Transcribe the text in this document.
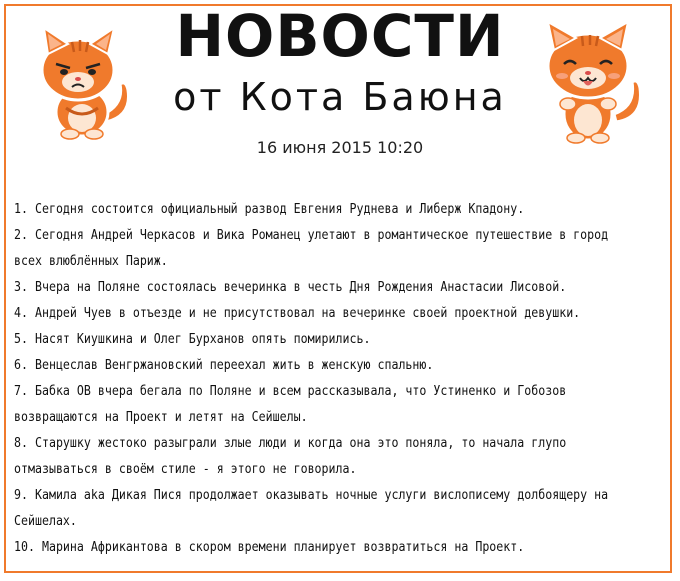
НОВОСТИ
от Кота Баюна
16 июня 2015 10:20
1. Сегодня состоится официальный развод Евгения Руднева и Либерж Кпадону.
2. Сегодня Андрей Черкасов и Вика Романец улетают в романтическое путешествие в город
всех влюблённых Париж.
3. Вчера на Поляне состоялась вечеринка в честь Дня Рождения Анастасии Лисовой.
4. Андрей Чуев в отъезде и не присутствовал на вечеринке своей проектной девушки.
5. Насят Киушкина и Олег Бурханов опять помирились.
6. Венцеслав Венгржановский переехал жить в женскую спальню.
7. Бабка ОВ вчера бегала по Поляне и всем рассказывала, что Устиненко и Гобозов
возвращаются на Проект и летят на Сейшелы.
8. Старушку жестоко разыграли злые люди и когда она это поняла, то начала глупо
отмазываться в своём стиле - я этого не говорила.
9. Камила aka Дикая Пися продолжает оказывать ночные услуги вислописему долбоящеру на
Сейшелах.
10. Марина Африкантова в скором времени планирует возвратиться на Проект.
